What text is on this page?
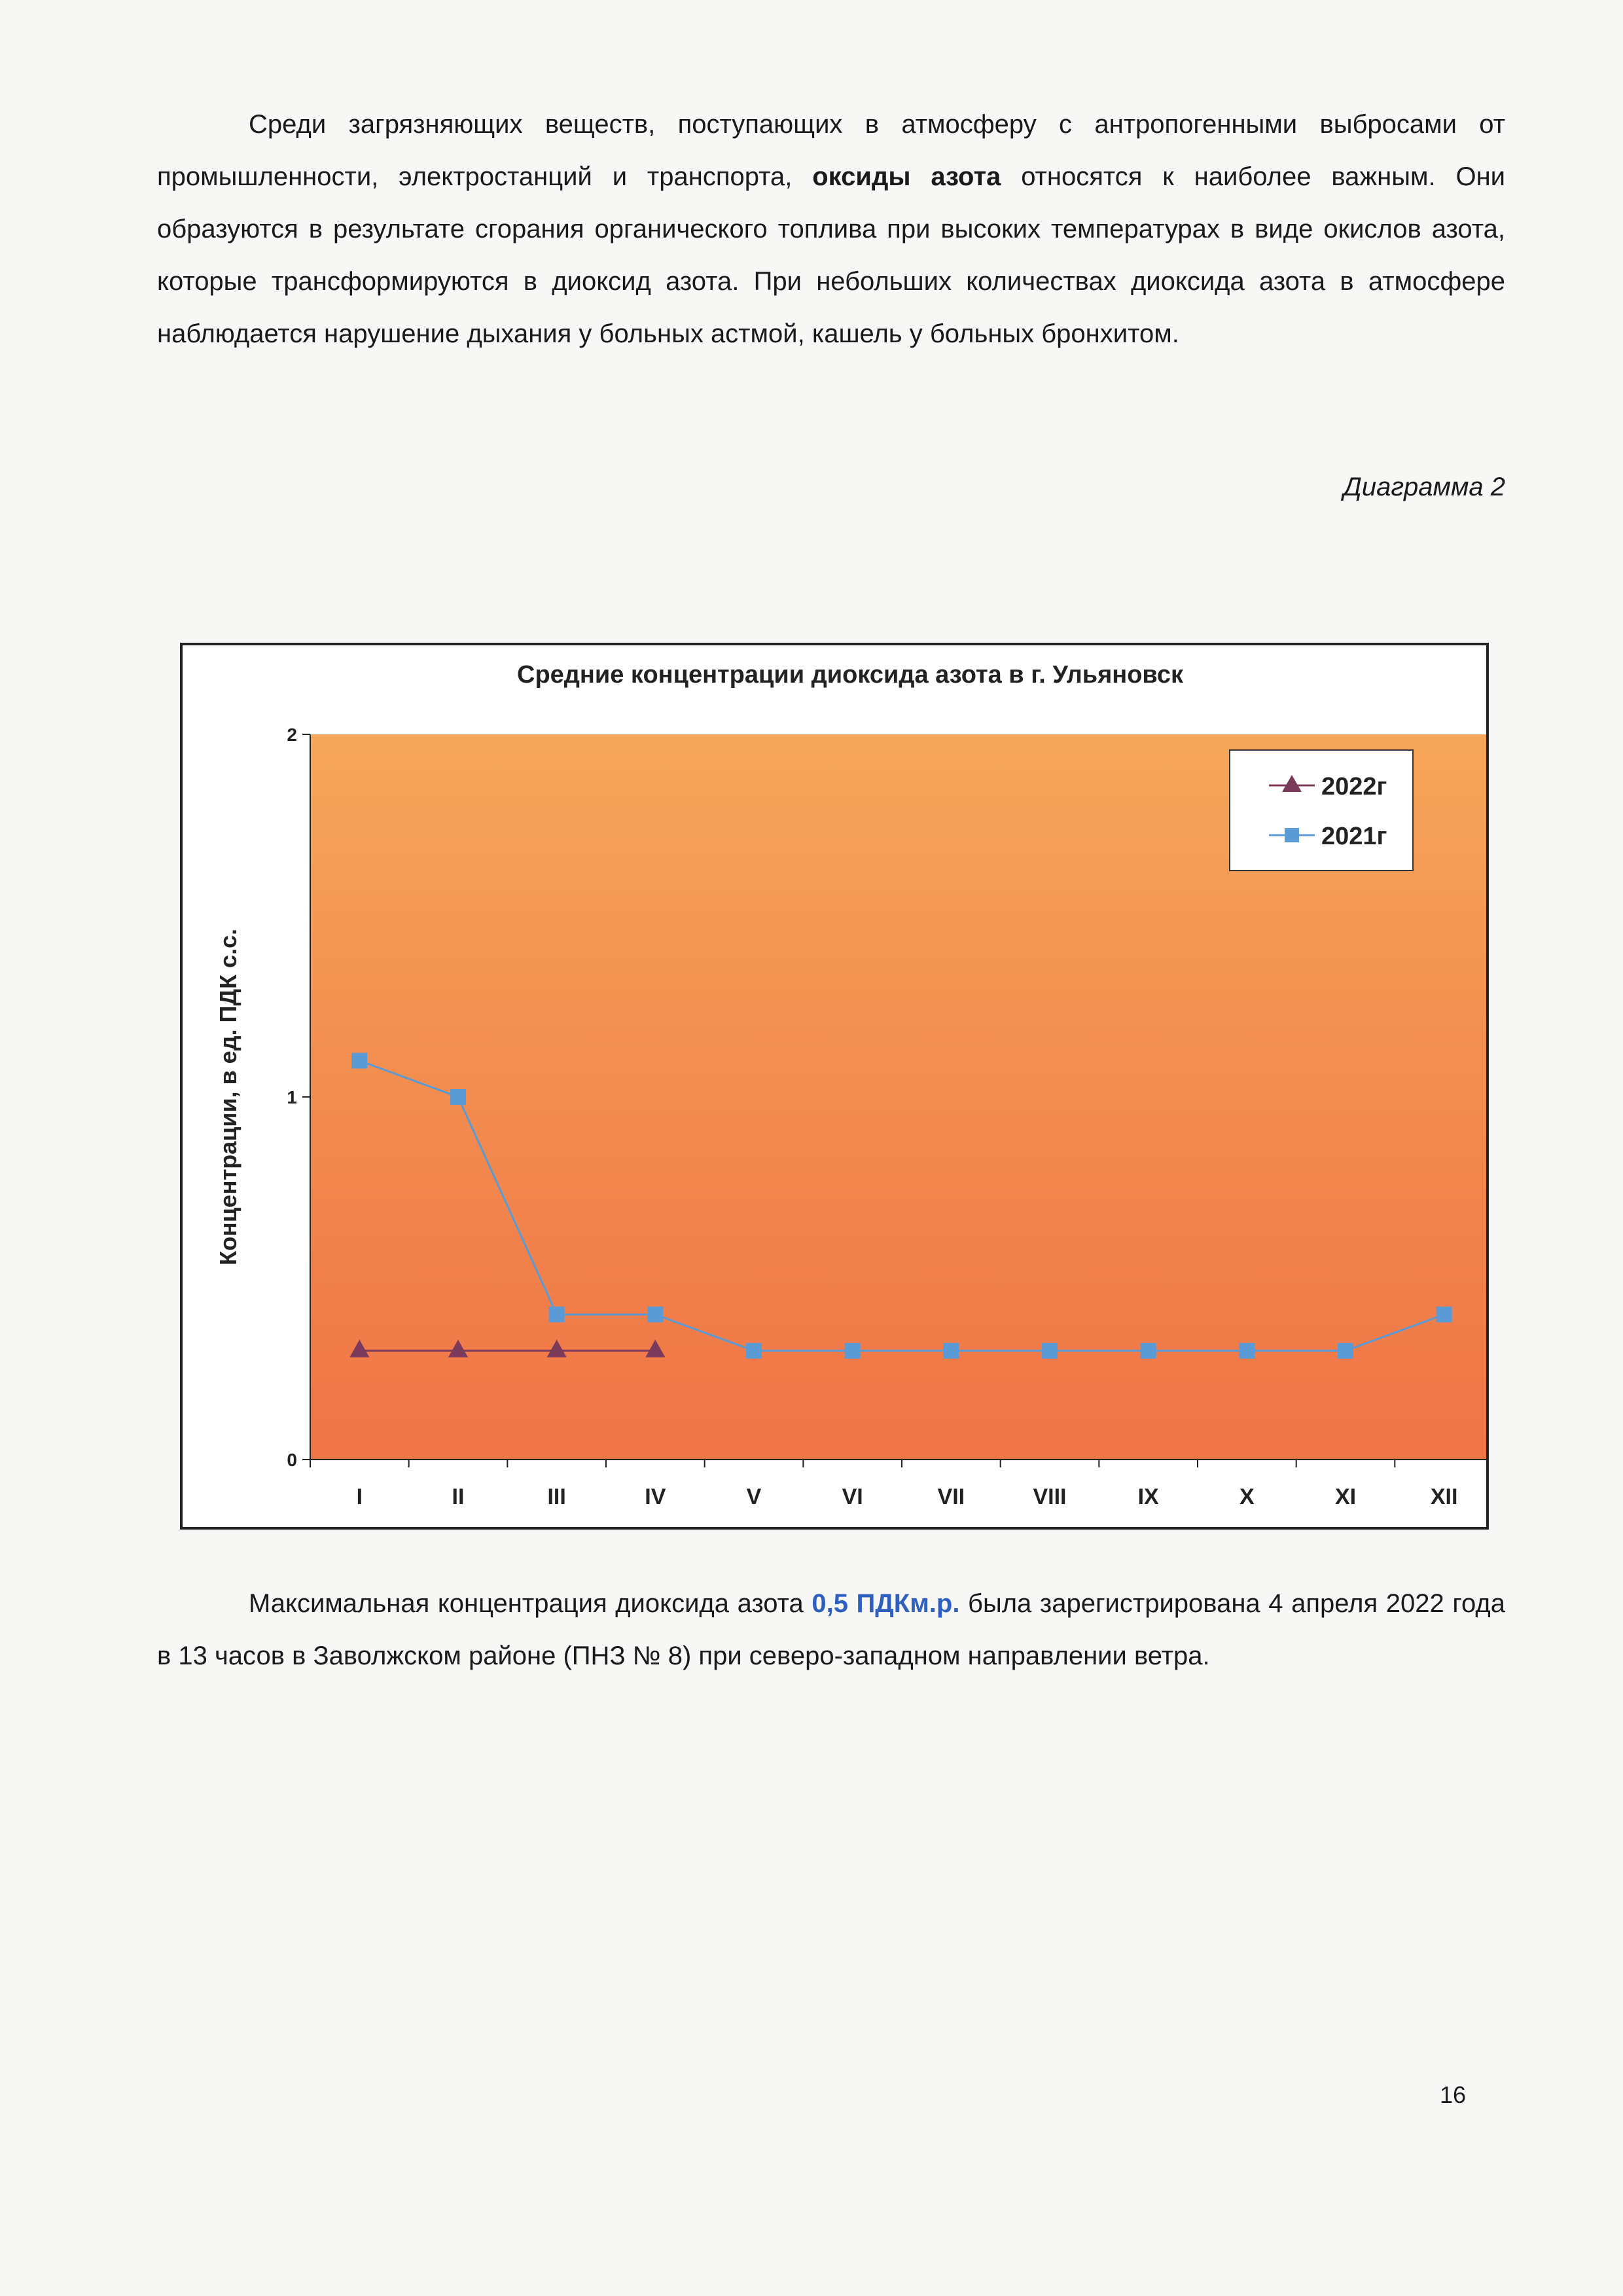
Среди загрязняющих веществ, поступающих в атмосферу с антропогенными выбросами от промышленности, электростанций и транспорта, оксиды азота относятся к наиболее важным. Они образуются в результате сгорания органического топлива при высоких температурах в виде окислов азота, которые трансформируются в диоксид азота. При небольших количествах диоксида азота в атмосфере наблюдается нарушение дыхания у больных астмой, кашель у больных бронхитом.

Диаграмма 2
Средние концентрации диоксида азота в г. Ульяновск
0
1
2
I	II	III	IV	V	VI	VII	VIII	IX	X	XI	XII
Концентрации, в ед. ПДК с.с.
2022г
2021г

Максимальная концентрация диоксида азота 0,5 ПДКм.р. была зарегистрирована 4 апреля 2022 года в 13 часов в Заволжском районе (ПНЗ № 8) при северо-западном направлении ветра.

16
